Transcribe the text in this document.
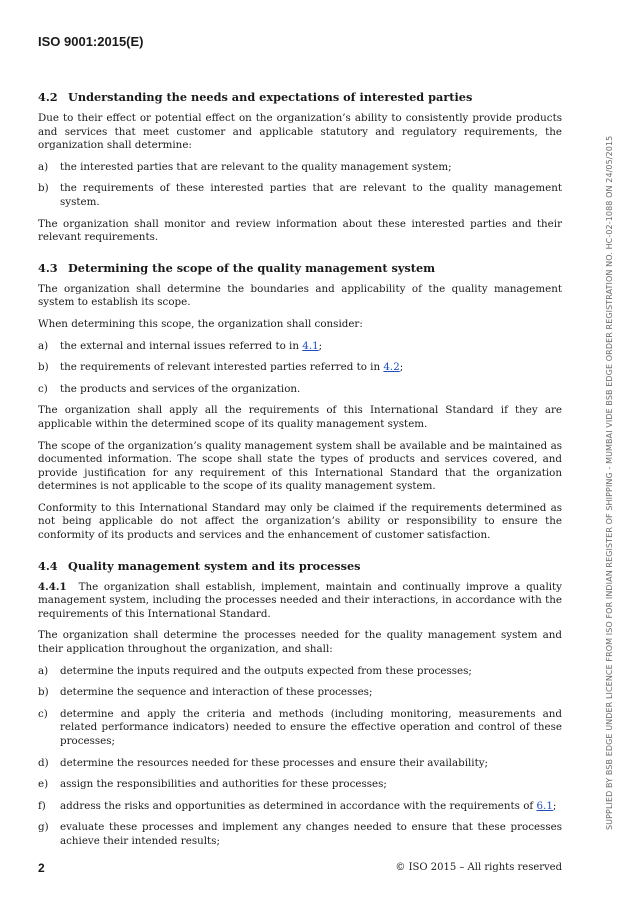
ISO 9001:2015(E)
4.2 Understanding the needs and expectations of interested parties

Due to their effect or potential effect on the organization’s ability to consistently provide products and services that meet customer and applicable statutory and regulatory requirements, the organization shall determine:

a)	the interested parties that are relevant to the quality management system;
b)	the requirements of these interested parties that are relevant to the quality management system.

The organization shall monitor and review information about these interested parties and their relevant requirements.

4.3 Determining the scope of the quality management system

The organization shall determine the boundaries and applicability of the quality management system to establish its scope.

When determining this scope, the organization shall consider:

a)	the external and internal issues referred to in 4.1;
b)	the requirements of relevant interested parties referred to in 4.2;
c)	the products and services of the organization.

The organization shall apply all the requirements of this International Standard if they are applicable within the determined scope of its quality management system.

The scope of the organization’s quality management system shall be available and be maintained as documented information. The scope shall state the types of products and services covered, and provide justification for any requirement of this International Standard that the organization determines is not applicable to the scope of its quality management system.

Conformity to this International Standard may only be claimed if the requirements determined as not being applicable do not affect the organization’s ability or responsibility to ensure the conformity of its products and services and the enhancement of customer satisfaction.

4.4 Quality management system and its processes

4.4.1 The organization shall establish, implement, maintain and continually improve a quality management system, including the processes needed and their interactions, in accordance with the requirements of this International Standard.

The organization shall determine the processes needed for the quality management system and their application throughout the organization, and shall:

a)	determine the inputs required and the outputs expected from these processes;
b)	determine the sequence and interaction of these processes;
c)	determine and apply the criteria and methods (including monitoring, measurements and related performance indicators) needed to ensure the effective operation and control of these processes;
d)	determine the resources needed for these processes and ensure their availability;
e)	assign the responsibilities and authorities for these processes;
f)	address the risks and opportunities as determined in accordance with the requirements of 6.1;
g)	evaluate these processes and implement any changes needed to ensure that these processes achieve their intended results;
2	© ISO 2015 – All rights reserved
SUPPLIED BY BSB EDGE UNDER LICENCE FROM ISO FOR INDIAN REGISTER OF SHIPPING - MUMBAI VIDE BSB EDGE ORDER REGISTRATION NO. HC-02-1088 ON 24/05/2015
